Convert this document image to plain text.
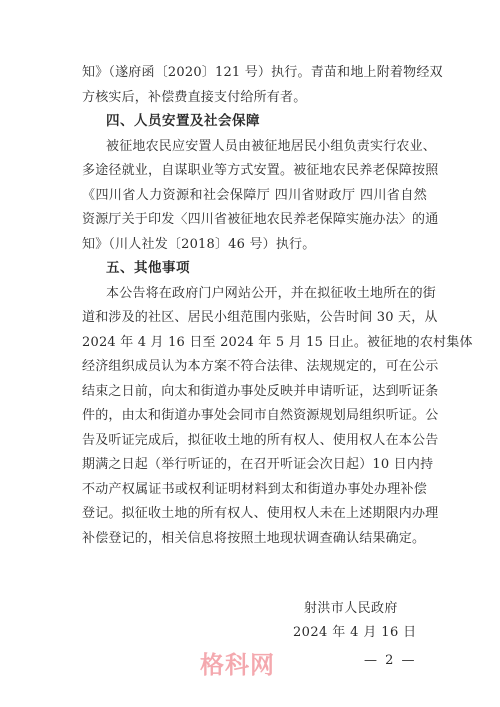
知》（遂府函〔2020〕121 号）执行。青苗和地上附着物经双
方核实后，补偿费直接支付给所有者。
四、人员安置及社会保障
被征地农民应安置人员由被征地居民小组负责实行农业、
多途径就业，自谋职业等方式安置。被征地农民养老保障按照
《四川省人力资源和社会保障厅 四川省财政厅 四川省自然
资源厅关于印发〈四川省被征地农民养老保障实施办法〉的通
知》（川人社发〔2018〕46 号）执行。
五、其他事项
本公告将在政府门户网站公开，并在拟征收土地所在的街
道和涉及的社区、居民小组范围内张贴，公告时间 30 天，从
2024 年 4 月 16 日至 2024 年 5 月 15 日止。被征地的农村集体
经济组织成员认为本方案不符合法律、法规规定的，可在公示
结束之日前，向太和街道办事处反映并申请听证，达到听证条
件的，由太和街道办事处会同市自然资源规划局组织听证。公
告及听证完成后，拟征收土地的所有权人、使用权人在本公告
期满之日起（举行听证的，在召开听证会次日起）10 日内持
不动产权属证书或权利证明材料到太和街道办事处办理补偿
登记。拟征收土地的所有权人、使用权人未在上述期限内办理
补偿登记的，相关信息将按照土地现状调查确认结果确定。
射洪市人民政府
2024 年 4 月 16 日
格科网	— 2 —
